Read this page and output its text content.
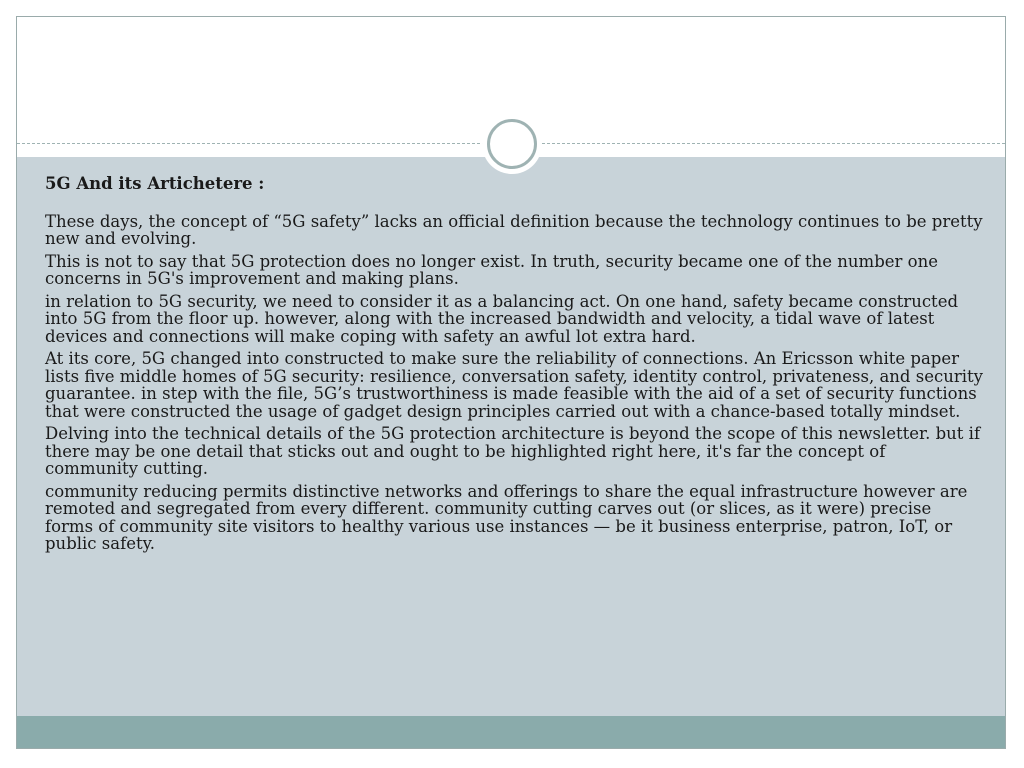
5G And its Artichetere :

These days, the concept of “5G safety” lacks an official definition because the technology continues to be pretty new and evolving.

This is not to say that 5G protection does no longer exist. In truth, security became one of the number one concerns in 5G's improvement and making plans.

in relation to 5G security, we need to consider it as a balancing act. On one hand, safety became constructed into 5G from the floor up. however, along with the increased bandwidth and velocity, a tidal wave of latest devices and connections will make coping with safety an awful lot extra hard.

At its core, 5G changed into constructed to make sure the reliability of connections. An Ericsson white paper lists five middle homes of 5G security: resilience, conversation safety, identity control, privateness, and security guarantee. in step with the file, 5G’s trustworthiness is made feasible with the aid of a set of security functions that were constructed the usage of gadget design principles carried out with a chance-based totally mindset.

Delving into the technical details of the 5G protection architecture is beyond the scope of this newsletter. but if there may be one detail that sticks out and ought to be highlighted right here, it's far the concept of community cutting.

community reducing permits distinctive networks and offerings to share the equal infrastructure however are remoted and segregated from every different. community cutting carves out (or slices, as it were) precise forms of community site visitors to healthy various use instances — be it business enterprise, patron, IoT, or public safety.
